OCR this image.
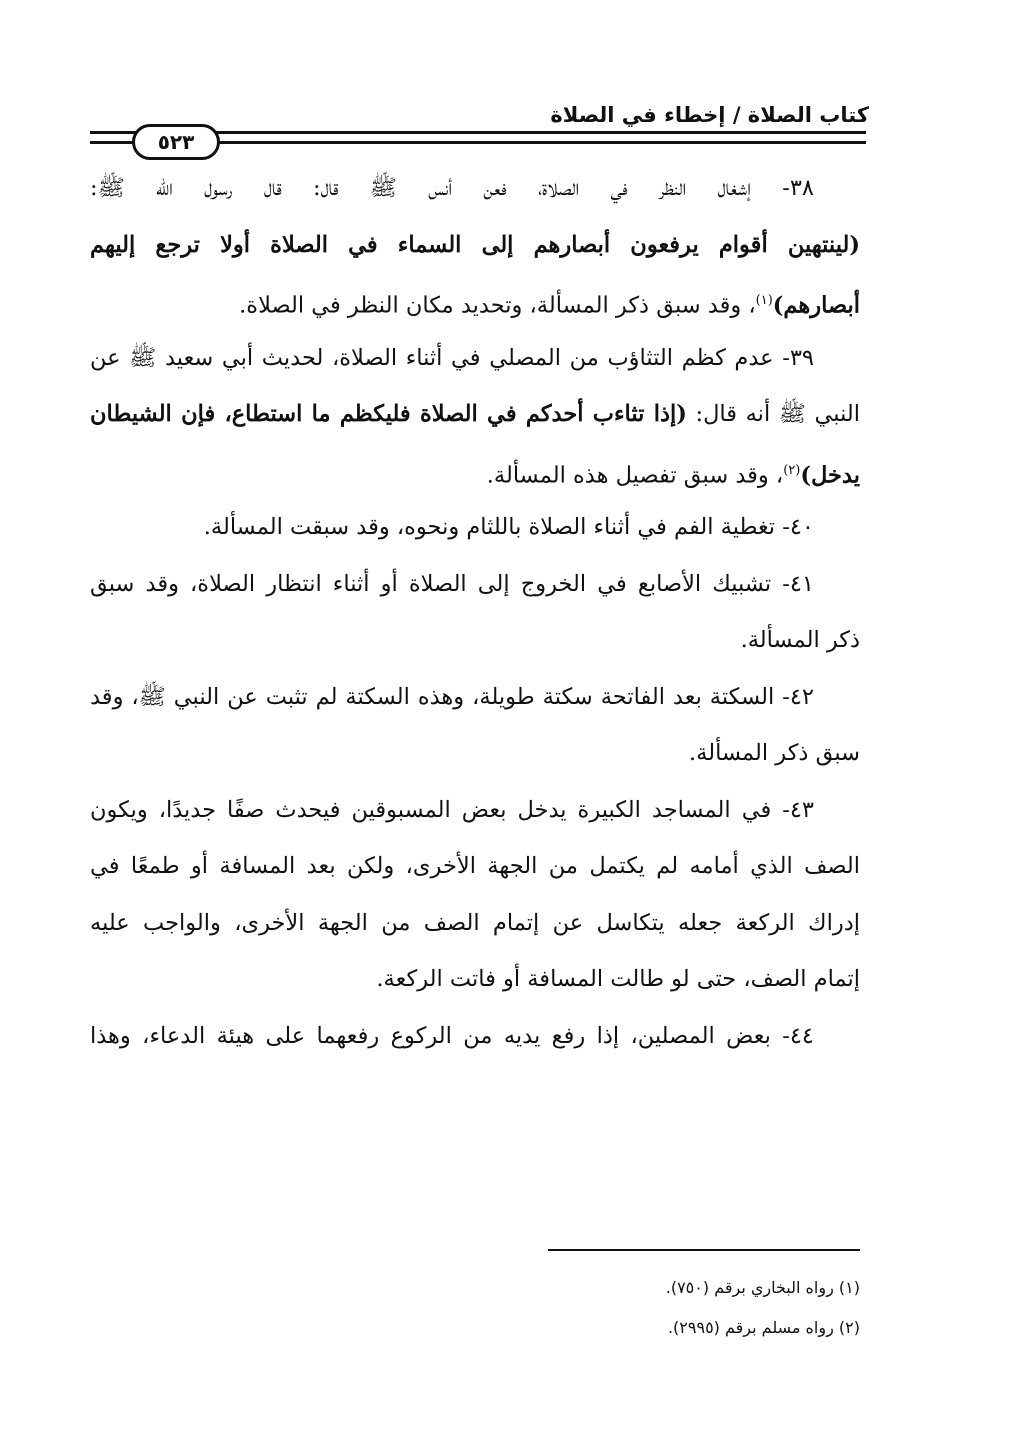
كتاب الصلاة / إخطاء في الصلاة
٥٢٣
٣٨- إشغال النظر في الصلاة، فعن أنس ﷺ قال: قال رسول الله ﷺ:
(لينتهين أقوام يرفعون أبصارهم إلى السماء في الصلاة أولا ترجع إليهم
أبصارهم)$^{(١)}$، وقد سبق ذكر المسألة، وتحديد مكان النظر في الصلاة.
٣٩- عدم كظم التثاؤب من المصلي في أثناء الصلاة، لحديث أبي سعيد ﷺ عن
النبي ﷺ أنه قال: (إذا تثاءب أحدكم في الصلاة فليكظم ما استطاع، فإن الشيطان
يدخل)$^{(٢)}$، وقد سبق تفصيل هذه المسألة.
٤٠- تغطية الفم في أثناء الصلاة باللثام ونحوه، وقد سبقت المسألة.
٤١- تشبيك الأصابع في الخروج إلى الصلاة أو أثناء انتظار الصلاة، وقد سبق
ذكر المسألة.
٤٢- السكتة بعد الفاتحة سكتة طويلة، وهذه السكتة لم تثبت عن النبي ﷺ، وقد
سبق ذكر المسألة.
٤٣- في المساجد الكبيرة يدخل بعض المسبوقين فيحدث صفًا جديدًا، ويكون
الصف الذي أمامه لم يكتمل من الجهة الأخرى، ولكن بعد المسافة أو طمعًا في
إدراك الركعة جعله يتكاسل عن إتمام الصف من الجهة الأخرى، والواجب عليه
إتمام الصف، حتى لو طالت المسافة أو فاتت الركعة.
٤٤- بعض المصلين، إذا رفع يديه من الركوع رفعهما على هيئة الدعاء، وهذا
(١) رواه البخاري برقم (٧٥٠).
(٢) رواه مسلم برقم (٢٩٩٥).
